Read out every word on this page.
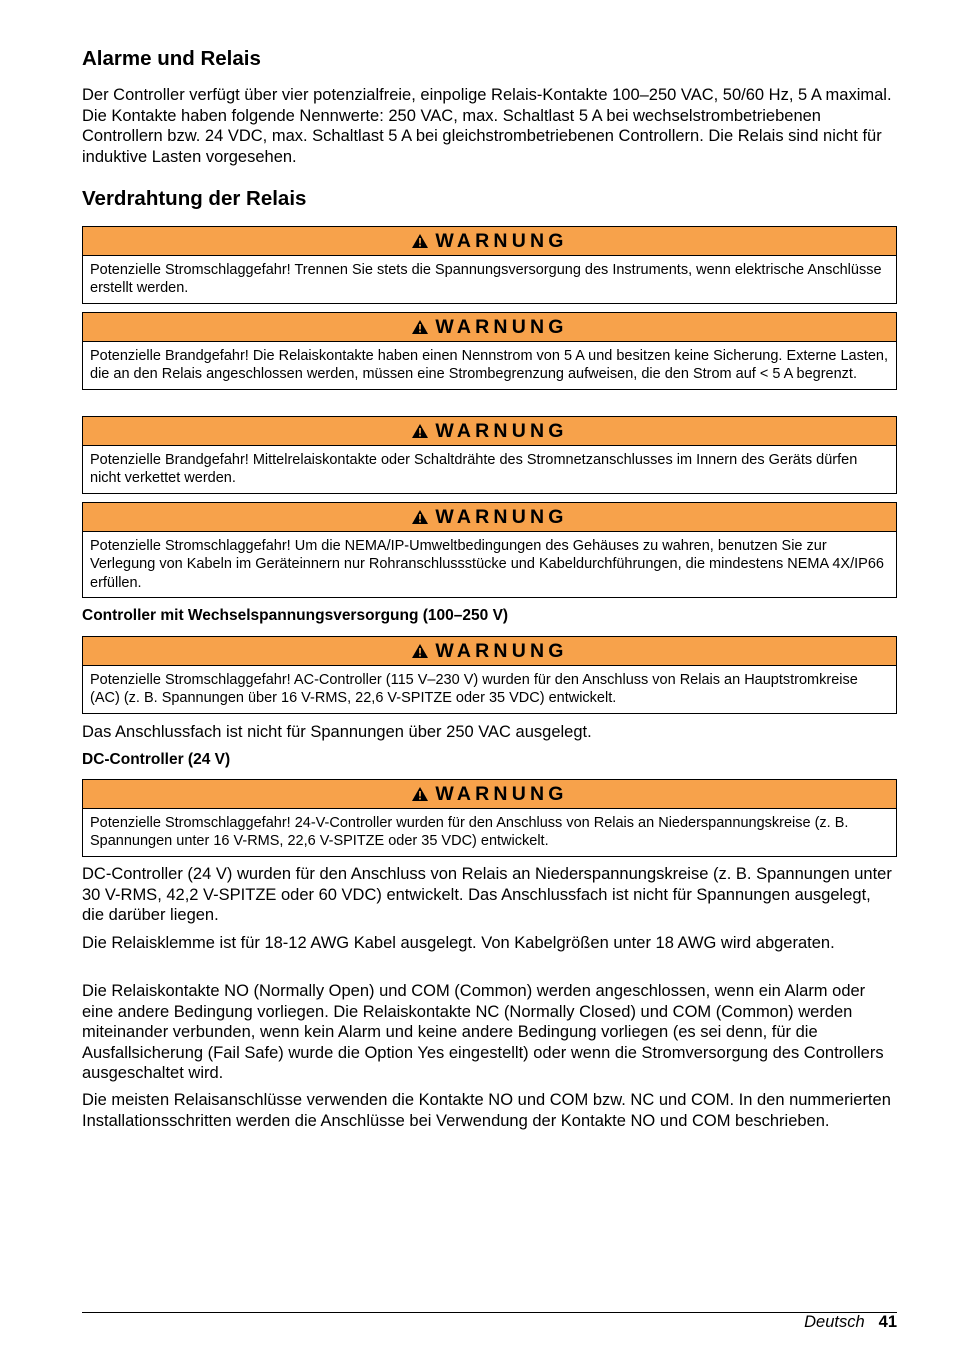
Alarme und Relais

Der Controller verfügt über vier potenzialfreie, einpolige Relais-Kontakte 100–250 VAC, 50/60 Hz, 5 A maximal. Die Kontakte haben folgende Nennwerte: 250 VAC, max. Schaltlast 5 A bei wechselstrombetriebenen Controllern bzw. 24 VDC, max. Schaltlast 5 A bei gleichstrombetriebenen Controllern. Die Relais sind nicht für induktive Lasten vorgesehen.

Verdrahtung der Relais
WARNUNG
Potenzielle Stromschlaggefahr! Trennen Sie stets die Spannungsversorgung des Instruments, wenn elektrische Anschlüsse erstellt werden.
WARNUNG
Potenzielle Brandgefahr! Die Relaiskontakte haben einen Nennstrom von 5 A und besitzen keine Sicherung. Externe Lasten, die an den Relais angeschlossen werden, müssen eine Strombegrenzung aufweisen, die den Strom auf < 5 A begrenzt.
WARNUNG
Potenzielle Brandgefahr! Mittelrelaiskontakte oder Schaltdrähte des Stromnetzanschlusses im Innern des Geräts dürfen nicht verkettet werden.
WARNUNG
Potenzielle Stromschlaggefahr! Um die NEMA/IP-Umweltbedingungen des Gehäuses zu wahren, benutzen Sie zur Verlegung von Kabeln im Geräteinnern nur Rohranschlussstücke und Kabeldurchführungen, die mindestens NEMA 4X/IP66 erfüllen.
Controller mit Wechselspannungsversorgung (100–250 V)
WARNUNG
Potenzielle Stromschlaggefahr! AC-Controller (115 V–230 V) wurden für den Anschluss von Relais an Hauptstromkreise (AC) (z. B. Spannungen über 16 V-RMS, 22,6 V-SPITZE oder 35 VDC) entwickelt.

Das Anschlussfach ist nicht für Spannungen über 250 VAC ausgelegt.

DC-Controller (24 V)
WARNUNG
Potenzielle Stromschlaggefahr! 24-V-Controller wurden für den Anschluss von Relais an Niederspannungskreise (z. B. Spannungen unter 16 V-RMS, 22,6 V-SPITZE oder 35 VDC) entwickelt.

DC-Controller (24 V) wurden für den Anschluss von Relais an Niederspannungskreise (z. B. Spannungen unter 30 V-RMS, 42,2 V-SPITZE oder 60 VDC) entwickelt. Das Anschlussfach ist nicht für Spannungen ausgelegt, die darüber liegen.

Die Relaisklemme ist für 18-12 AWG Kabel ausgelegt. Von Kabelgrößen unter 18 AWG wird abgeraten.

Die Relaiskontakte NO (Normally Open) und COM (Common) werden angeschlossen, wenn ein Alarm oder eine andere Bedingung vorliegen. Die Relaiskontakte NC (Normally Closed) und COM (Common) werden miteinander verbunden, wenn kein Alarm und keine andere Bedingung vorliegen (es sei denn, für die Ausfallsicherung (Fail Safe) wurde die Option Yes eingestellt) oder wenn die Stromversorgung des Controllers ausgeschaltet wird.

Die meisten Relaisanschlüsse verwenden die Kontakte NO und COM bzw. NC und COM. In den nummerierten Installationsschritten werden die Anschlüsse bei Verwendung der Kontakte NO und COM beschrieben.

Deutsch 41
